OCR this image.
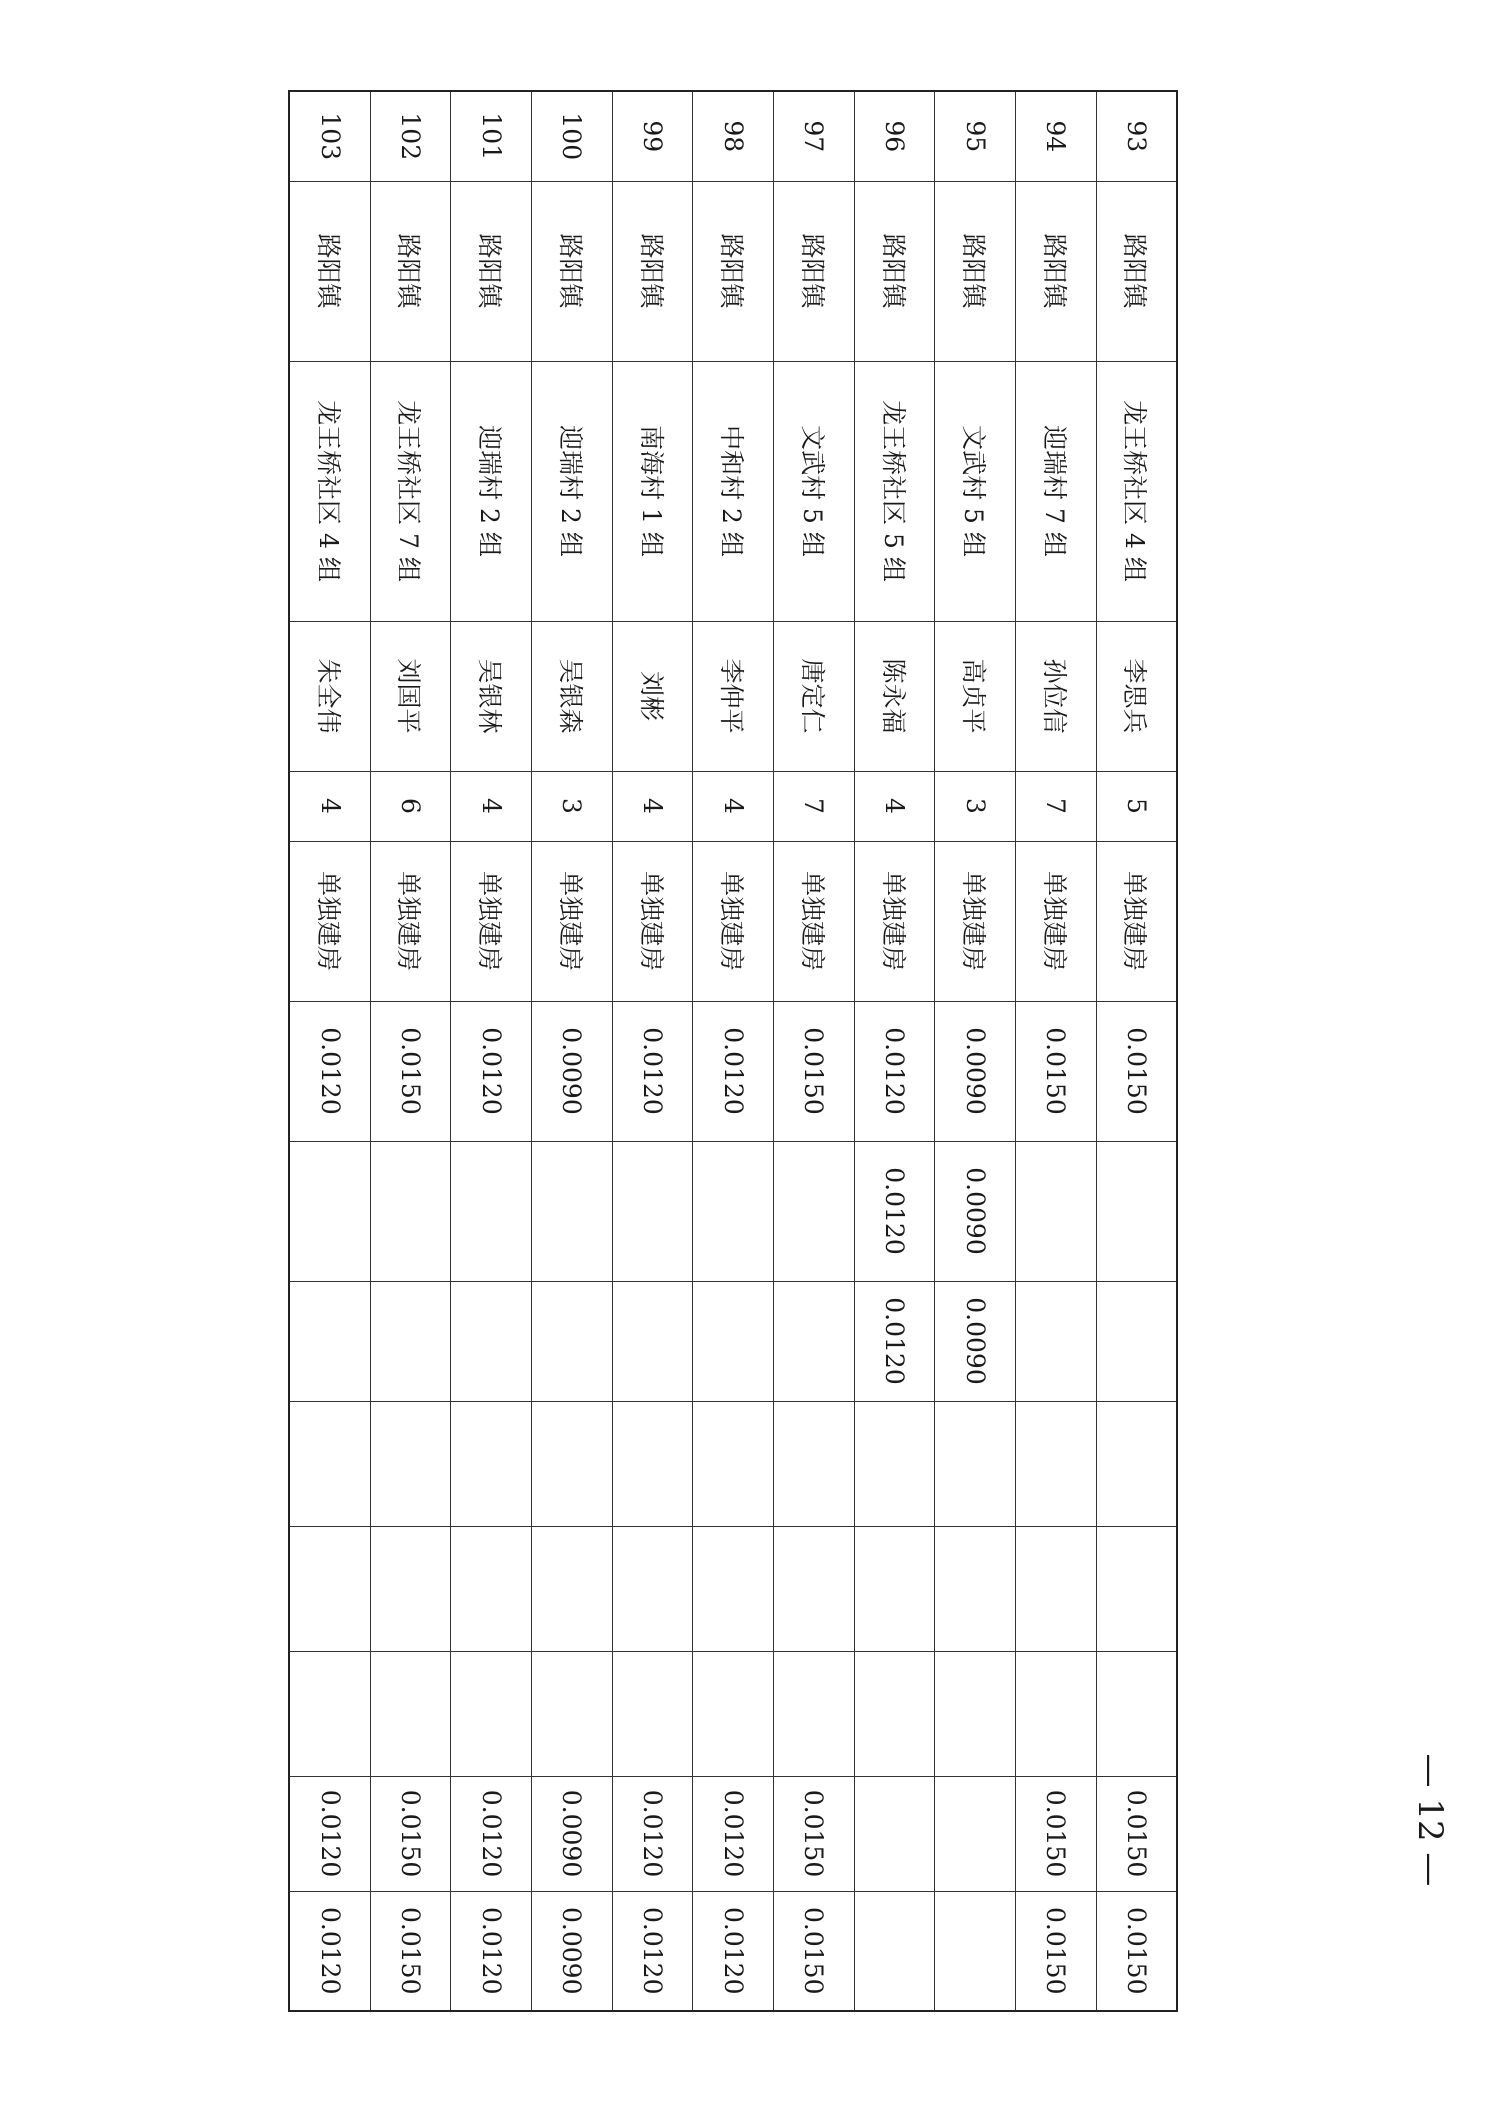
93	路阳镇	龙王桥社区 4 组	李思兵	5	单独建房	0.0150						0.0150	0.0150
94	路阳镇	迎瑞村 7 组	孙位信	7	单独建房	0.0150						0.0150	0.0150
95	路阳镇	文武村 5 组	高贞平	3	单独建房	0.0090	0.0090	0.0090					
96	路阳镇	龙王桥社区 5 组	陈永福	4	单独建房	0.0120	0.0120	0.0120					
97	路阳镇	文武村 5 组	唐定仁	7	单独建房	0.0150						0.0150	0.0150
98	路阳镇	中和村 2 组	李仲平	4	单独建房	0.0120						0.0120	0.0120
99	路阳镇	南海村 1 组	刘彬	4	单独建房	0.0120						0.0120	0.0120
100	路阳镇	迎瑞村 2 组	吴银森	3	单独建房	0.0090						0.0090	0.0090
101	路阳镇	迎瑞村 2 组	吴银林	4	单独建房	0.0120						0.0120	0.0120
102	路阳镇	龙王桥社区 7 组	刘国平	6	单独建房	0.0150						0.0150	0.0150
103	路阳镇	龙王桥社区 4 组	朱全伟	4	单独建房	0.0120						0.0120	0.0120
— 12 —
